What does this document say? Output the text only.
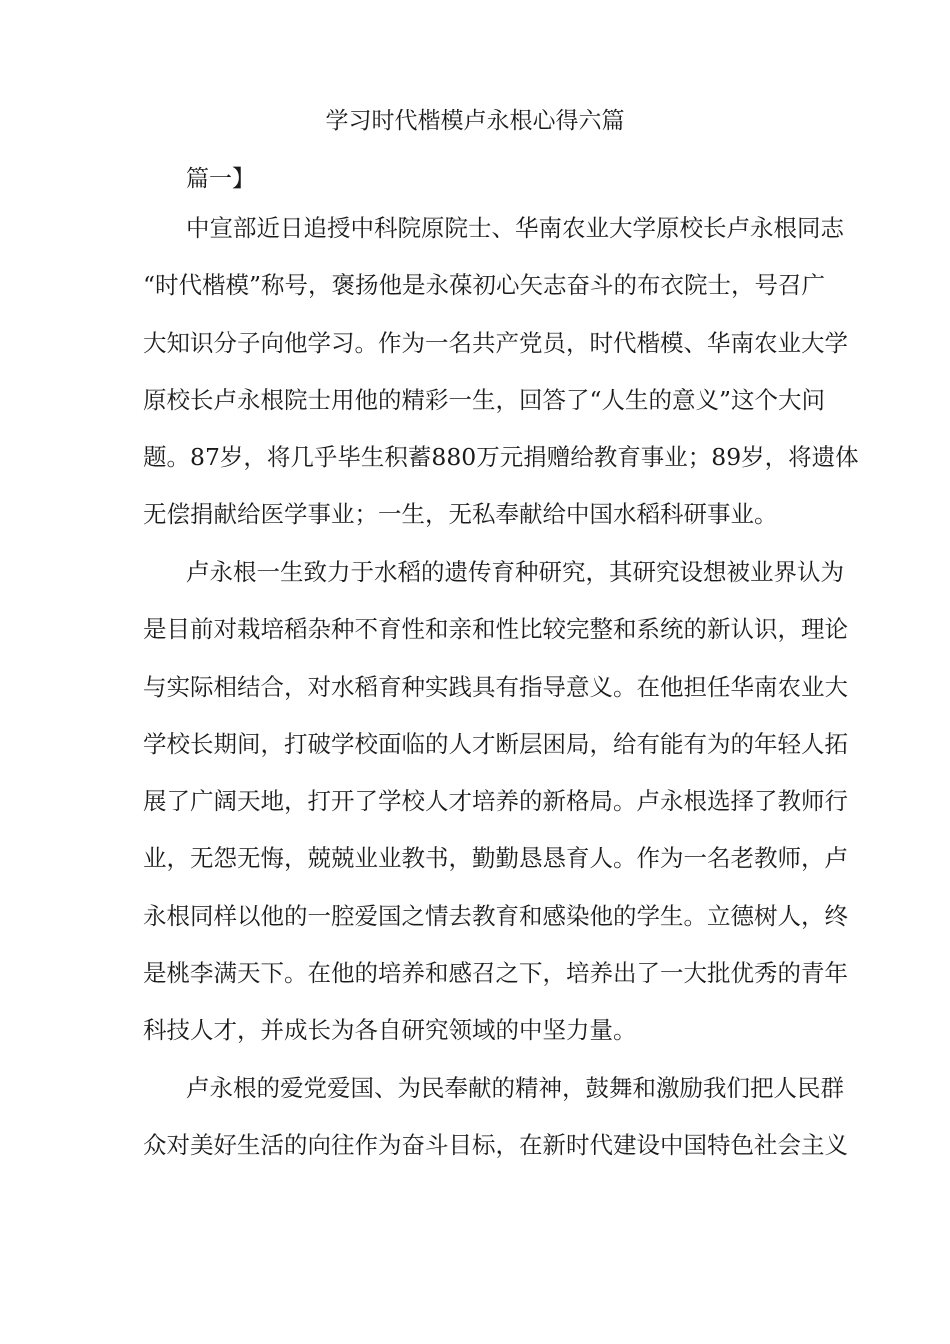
学习时代楷模卢永根心得六篇
篇一】
中宣部近日追授中科院原院士、华南农业大学原校长卢永根同志
“时代楷模”称号，褒扬他是永葆初心矢志奋斗的布衣院士，号召广
大知识分子向他学习。作为一名共产党员，时代楷模、华南农业大学
原校长卢永根院士用他的精彩一生，回答了“人生的意义”这个大问
题。87岁，将几乎毕生积蓄880万元捐赠给教育事业；89岁，将遗体
无偿捐献给医学事业；一生，无私奉献给中国水稻科研事业。
卢永根一生致力于水稻的遗传育种研究，其研究设想被业界认为
是目前对栽培稻杂种不育性和亲和性比较完整和系统的新认识，理论
与实际相结合，对水稻育种实践具有指导意义。在他担任华南农业大
学校长期间，打破学校面临的人才断层困局，给有能有为的年轻人拓
展了广阔天地，打开了学校人才培养的新格局。卢永根选择了教师行
业，无怨无悔，兢兢业业教书，勤勤恳恳育人。作为一名老教师，卢
永根同样以他的一腔爱国之情去教育和感染他的学生。立德树人，终
是桃李满天下。在他的培养和感召之下，培养出了一大批优秀的青年
科技人才，并成长为各自研究领域的中坚力量。
卢永根的爱党爱国、为民奉献的精神，鼓舞和激励我们把人民群
众对美好生活的向往作为奋斗目标，在新时代建设中国特色社会主义
